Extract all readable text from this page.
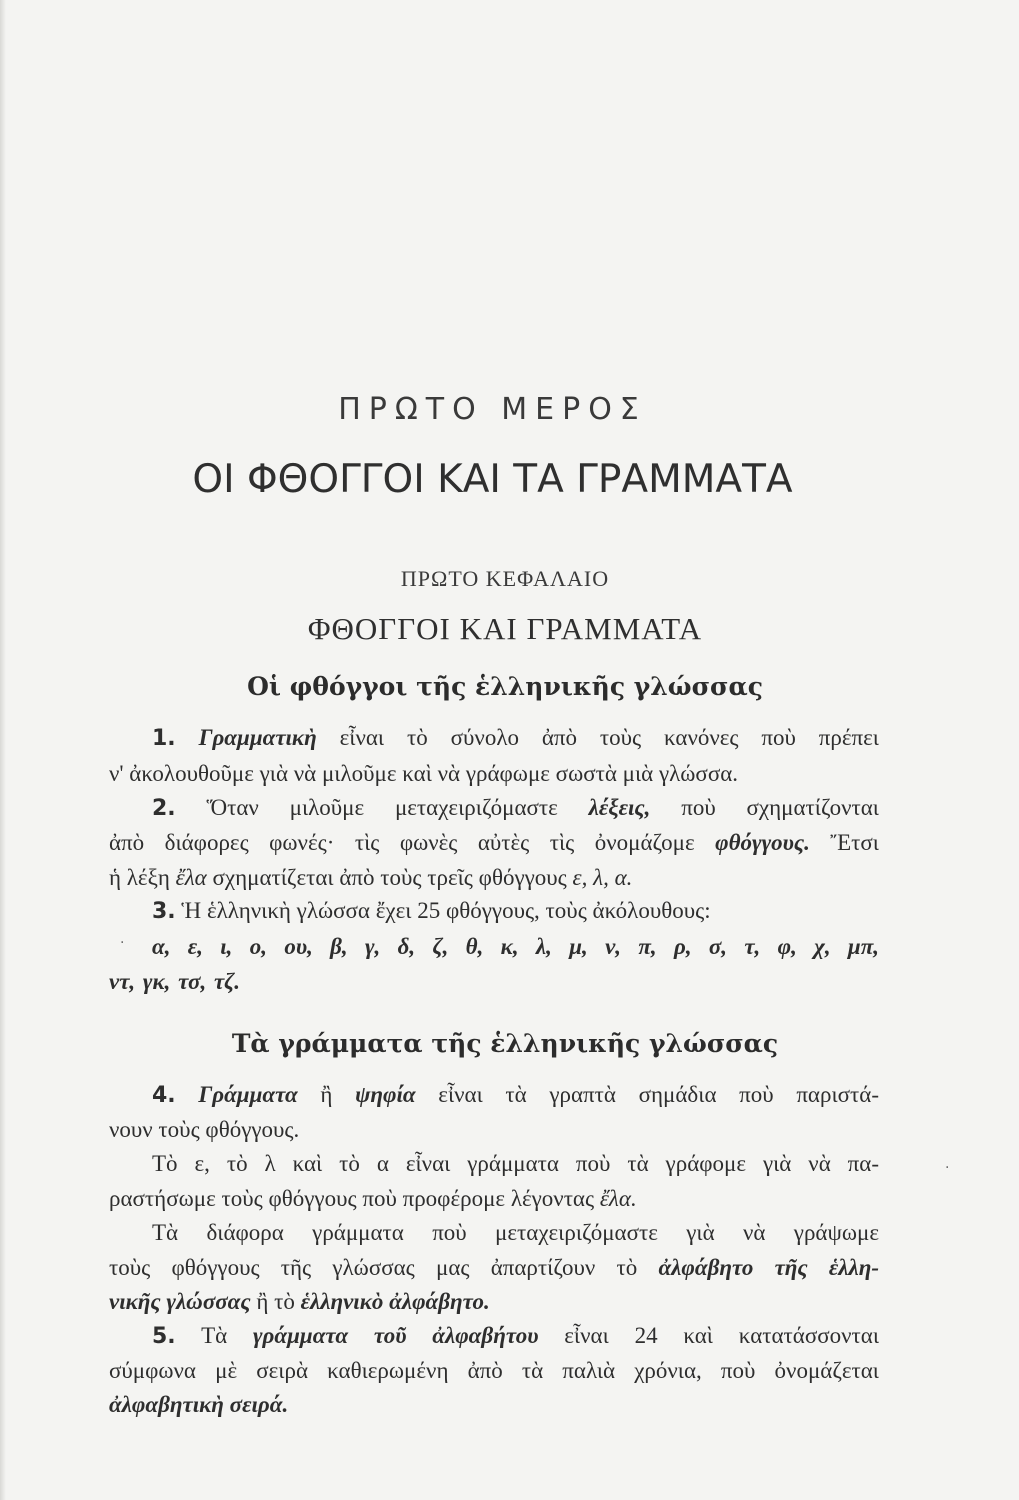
ΠΡΩΤΟ ΜΕΡΟΣ
ΟΙ ΦΘΟΓΓΟΙ ΚΑΙ ΤΑ ΓΡΑΜΜΑΤΑ
ΠΡΩΤΟ ΚΕΦΑΛΑΙΟ
ΦΘΟΓΓΟΙ ΚΑΙ ΓΡΑΜΜΑΤΑ
Οἱ φθόγγοι τῆς ἑλληνικῆς γλώσσας
1. Γραμματικὴ εἶναι τὸ σύνολο ἀπὸ τοὺς κανόνες ποὺ πρέπει
ν' ἀκολουθοῦμε γιὰ νὰ μιλοῦμε καὶ νὰ γράφωμε σωστὰ μιὰ γλώσσα.
2. Ὅταν μιλοῦμε μεταχειριζόμαστε λέξεις, ποὺ σχηματίζονται
ἀπὸ διάφορες φωνές· τὶς φωνὲς αὐτὲς τὶς ὀνομάζομε φθόγγους. Ἔτσι
ἡ λέξη ἔλα σχηματίζεται ἀπὸ τοὺς τρεῖς φθόγγους ε, λ, α.
3. Ἡ ἑλληνικὴ γλώσσα ἔχει 25 φθόγγους, τοὺς ἀκόλουθους:
α, ε, ι, ο, ου, β, γ, δ, ζ, θ, κ, λ, μ, ν, π, ρ, σ, τ, φ, χ, μπ,
ντ, γκ, τσ, τζ.
Τὰ γράμματα τῆς ἑλληνικῆς γλώσσας
4. Γράμματα ἢ ψηφία εἶναι τὰ γραπτὰ σημάδια ποὺ παριστά-
νουν τοὺς φθόγγους.
Τὸ ε, τὸ λ καὶ τὸ α εἶναι γράμματα ποὺ τὰ γράφομε γιὰ νὰ πα-
ραστήσωμε τοὺς φθόγγους ποὺ προφέρομε λέγοντας ἔλα.
Τὰ διάφορα γράμματα ποὺ μεταχειριζόμαστε γιὰ νὰ γράψωμε
τοὺς φθόγγους τῆς γλώσσας μας ἀπαρτίζουν τὸ ἀλφάβητο τῆς ἑλλη-
νικῆς γλώσσας ἢ τὸ ἑλληνικὸ ἀλφάβητο.
5. Τὰ γράμματα τοῦ ἀλφαβήτου εἶναι 24 καὶ κατατάσσονται
σύμφωνα μὲ σειρὰ καθιερωμένη ἀπὸ τὰ παλιὰ χρόνια, ποὺ ὀνομάζεται
ἀλφαβητικὴ σειρά.
·
·
